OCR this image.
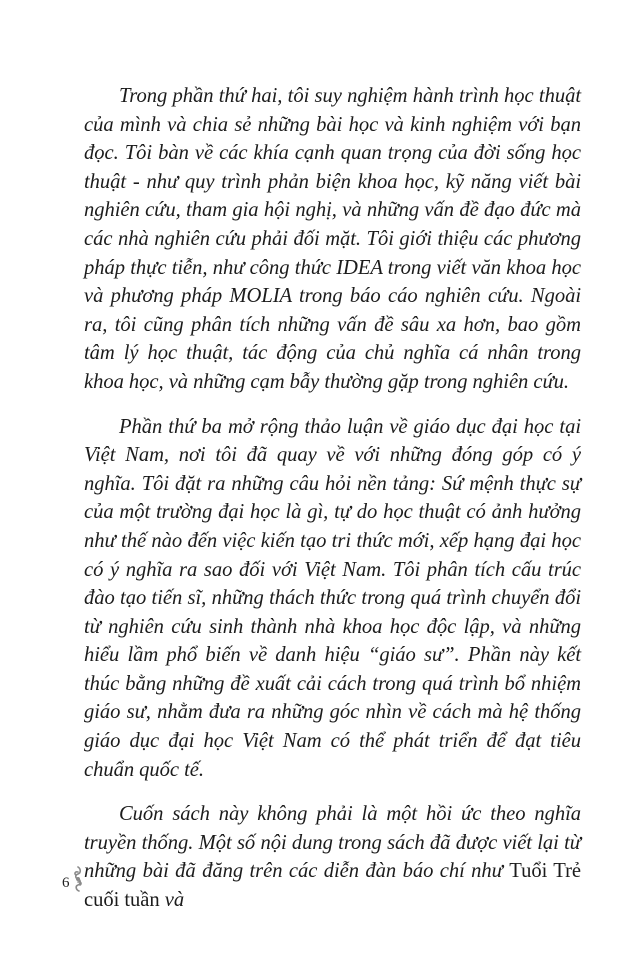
Trong phần thứ hai, tôi suy nghiệm hành trình học thuật của mình và chia sẻ những bài học và kinh nghiệm với bạn đọc. Tôi bàn về các khía cạnh quan trọng của đời sống học thuật - như quy trình phản biện khoa học, kỹ năng viết bài nghiên cứu, tham gia hội nghị, và những vấn đề đạo đức mà các nhà nghiên cứu phải đối mặt. Tôi giới thiệu các phương pháp thực tiễn, như công thức IDEA trong viết văn khoa học và phương pháp MOLIA trong báo cáo nghiên cứu. Ngoài ra, tôi cũng phân tích những vấn đề sâu xa hơn, bao gồm tâm lý học thuật, tác động của chủ nghĩa cá nhân trong khoa học, và những cạm bẫy thường gặp trong nghiên cứu.

Phần thứ ba mở rộng thảo luận về giáo dục đại học tại Việt Nam, nơi tôi đã quay về với những đóng góp có ý nghĩa. Tôi đặt ra những câu hỏi nền tảng: Sứ mệnh thực sự của một trường đại học là gì, tự do học thuật có ảnh hưởng như thế nào đến việc kiến tạo tri thức mới, xếp hạng đại học có ý nghĩa ra sao đối với Việt Nam. Tôi phân tích cấu trúc đào tạo tiến sĩ, những thách thức trong quá trình chuyển đổi từ nghiên cứu sinh thành nhà khoa học độc lập, và những hiểu lầm phổ biến về danh hiệu “giáo sư”. Phần này kết thúc bằng những đề xuất cải cách trong quá trình bổ nhiệm giáo sư, nhằm đưa ra những góc nhìn về cách mà hệ thống giáo dục đại học Việt Nam có thể phát triển để đạt tiêu chuẩn quốc tế.

Cuốn sách này không phải là một hồi ức theo nghĩa truyền thống. Một số nội dung trong sách đã được viết lại từ những bài đã đăng trên các diễn đàn báo chí như Tuổi Trẻ cuối tuần và

6
